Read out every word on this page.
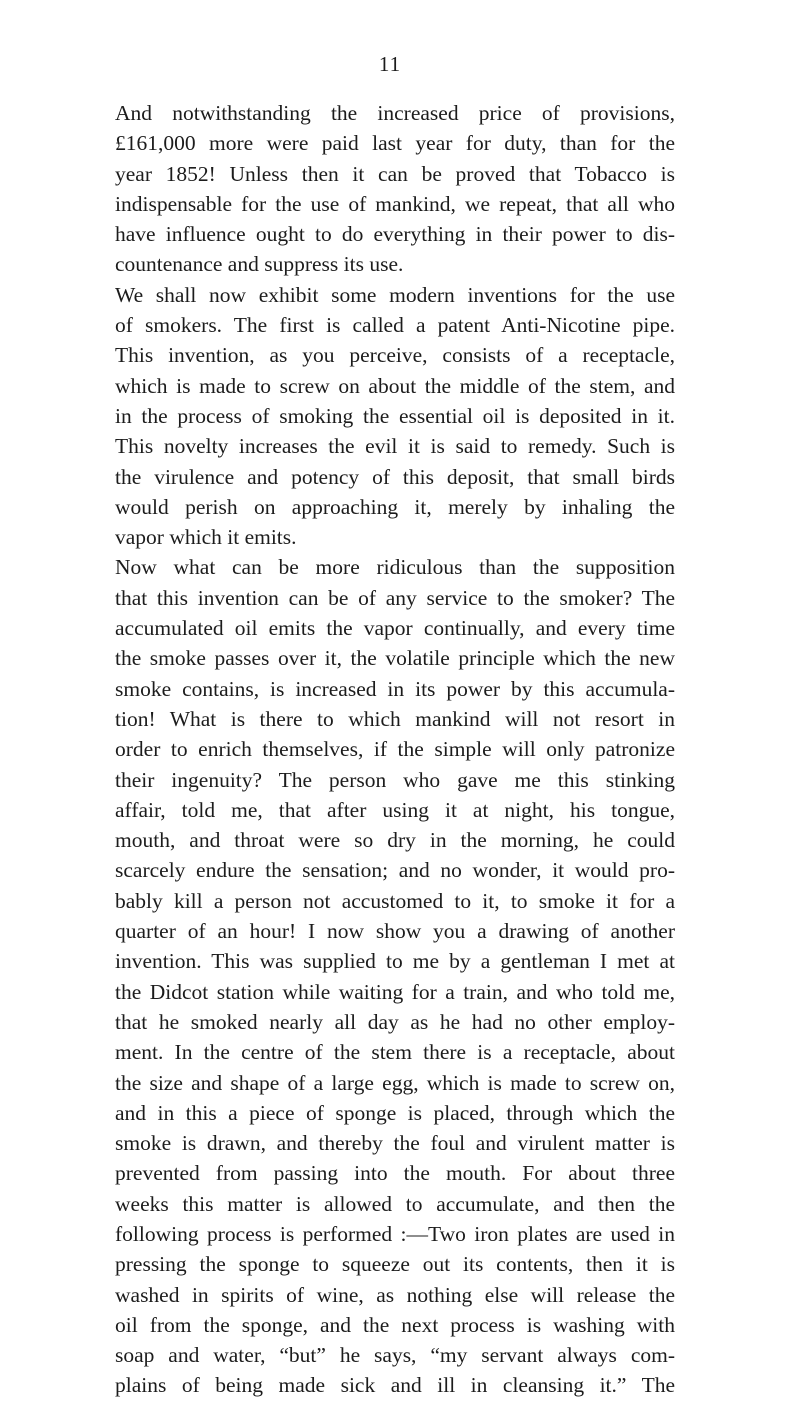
11
And notwithstanding the increased price of provisions,
£161,000 more were paid last year for duty, than for the
year 1852! Unless then it can be proved that Tobacco is
indispensable for the use of mankind, we repeat, that all who
have influence ought to do everything in their power to dis-
countenance and suppress its use.
We shall now exhibit some modern inventions for the use
of smokers. The first is called a patent Anti-Nicotine pipe.
This invention, as you perceive, consists of a receptacle,
which is made to screw on about the middle of the stem, and
in the process of smoking the essential oil is deposited in it.
This novelty increases the evil it is said to remedy. Such is
the virulence and potency of this deposit, that small birds
would perish on approaching it, merely by inhaling the
vapor which it emits.
Now what can be more ridiculous than the supposition
that this invention can be of any service to the smoker? The
accumulated oil emits the vapor continually, and every time
the smoke passes over it, the volatile principle which the new
smoke contains, is increased in its power by this accumula-
tion! What is there to which mankind will not resort in
order to enrich themselves, if the simple will only patronize
their ingenuity? The person who gave me this stinking
affair, told me, that after using it at night, his tongue,
mouth, and throat were so dry in the morning, he could
scarcely endure the sensation; and no wonder, it would pro-
bably kill a person not accustomed to it, to smoke it for a
quarter of an hour! I now show you a drawing of another
invention. This was supplied to me by a gentleman I met at
the Didcot station while waiting for a train, and who told me,
that he smoked nearly all day as he had no other employ-
ment. In the centre of the stem there is a receptacle, about
the size and shape of a large egg, which is made to screw on,
and in this a piece of sponge is placed, through which the
smoke is drawn, and thereby the foul and virulent matter is
prevented from passing into the mouth. For about three
weeks this matter is allowed to accumulate, and then the
following process is performed :—Two iron plates are used in
pressing the sponge to squeeze out its contents, then it is
washed in spirits of wine, as nothing else will release the
oil from the sponge, and the next process is washing with
soap and water, “but” he says, “my servant always com-
plains of being made sick and ill in cleansing it.” The
